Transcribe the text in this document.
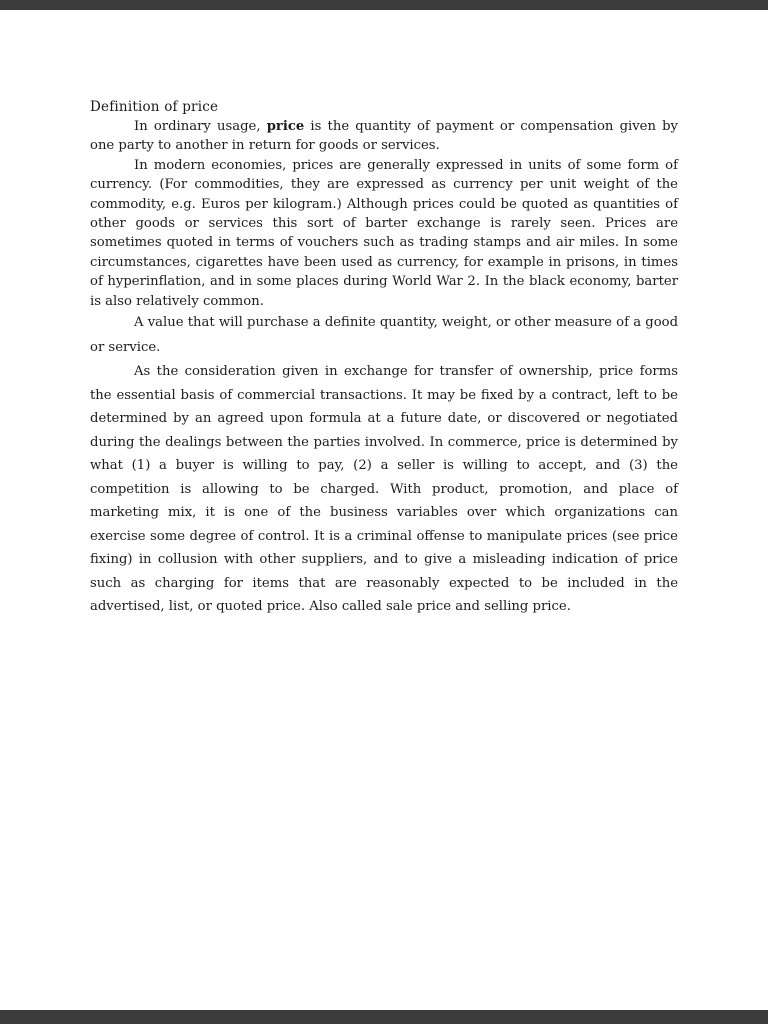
Definition of price

In ordinary usage, price is the quantity of payment or compensation given by one party to another in return for goods or services.

In modern economies, prices are generally expressed in units of some form of currency. (For commodities, they are expressed as currency per unit weight of the commodity, e.g. Euros per kilogram.) Although prices could be quoted as quantities of other goods or services this sort of barter exchange is rarely seen. Prices are sometimes quoted in terms of vouchers such as trading stamps and air miles. In some circumstances, cigarettes have been used as currency, for example in prisons, in times of hyperinflation, and in some places during World War 2. In the black economy, barter is also relatively common.

A value that will purchase a definite quantity, weight, or other measure of a good or service.

As the consideration given in exchange for transfer of ownership, price forms the essential basis of commercial transactions. It may be fixed by a contract, left to be determined by an agreed upon formula at a future date, or discovered or negotiated during the dealings between the parties involved. In commerce, price is determined by what (1) a buyer is willing to pay, (2) a seller is willing to accept, and (3) the competition is allowing to be charged. With product, promotion, and place of marketing mix, it is one of the business variables over which organizations can exercise some degree of control. It is a criminal offense to manipulate prices (see price fixing) in collusion with other suppliers, and to give a misleading indication of price such as charging for items that are reasonably expected to be included in the advertised, list, or quoted price. Also called sale price and selling price.
